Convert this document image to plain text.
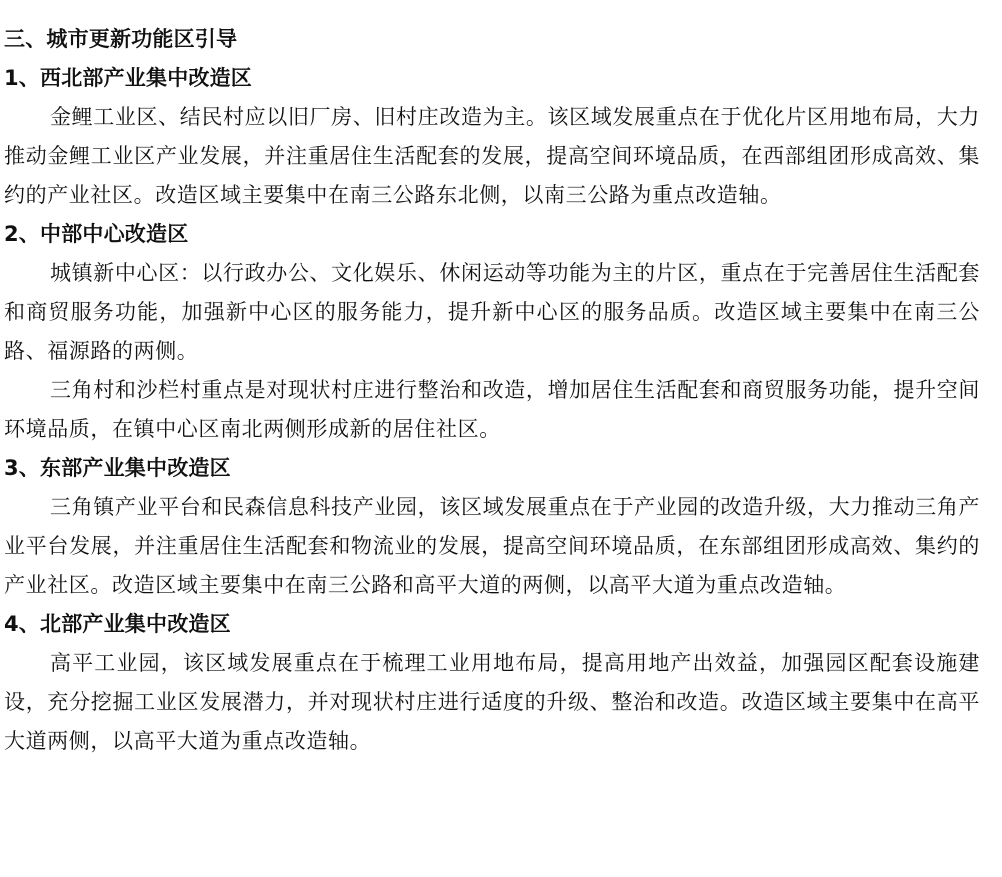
三、城市更新功能区引导
1、西北部产业集中改造区

金鲤工业区、结民村应以旧厂房、旧村庄改造为主。该区域发展重点在于优化片区用地布局，大力推动金鲤工业区产业发展，并注重居住生活配套的发展，提高空间环境品质，在西部组团形成高效、集约的产业社区。改造区域主要集中在南三公路东北侧，以南三公路为重点改造轴。

2、中部中心改造区

城镇新中心区：以行政办公、文化娱乐、休闲运动等功能为主的片区，重点在于完善居住生活配套和商贸服务功能，加强新中心区的服务能力，提升新中心区的服务品质。改造区域主要集中在南三公路、福源路的两侧。

三角村和沙栏村重点是对现状村庄进行整治和改造，增加居住生活配套和商贸服务功能，提升空间环境品质，在镇中心区南北两侧形成新的居住社区。

3、东部产业集中改造区

三角镇产业平台和民森信息科技产业园，该区域发展重点在于产业园的改造升级，大力推动三角产业平台发展，并注重居住生活配套和物流业的发展，提高空间环境品质，在东部组团形成高效、集约的产业社区。改造区域主要集中在南三公路和高平大道的两侧，以高平大道为重点改造轴。

4、北部产业集中改造区

高平工业园，该区域发展重点在于梳理工业用地布局，提高用地产出效益，加强园区配套设施建设，充分挖掘工业区发展潜力，并对现状村庄进行适度的升级、整治和改造。改造区域主要集中在高平大道两侧，以高平大道为重点改造轴。
